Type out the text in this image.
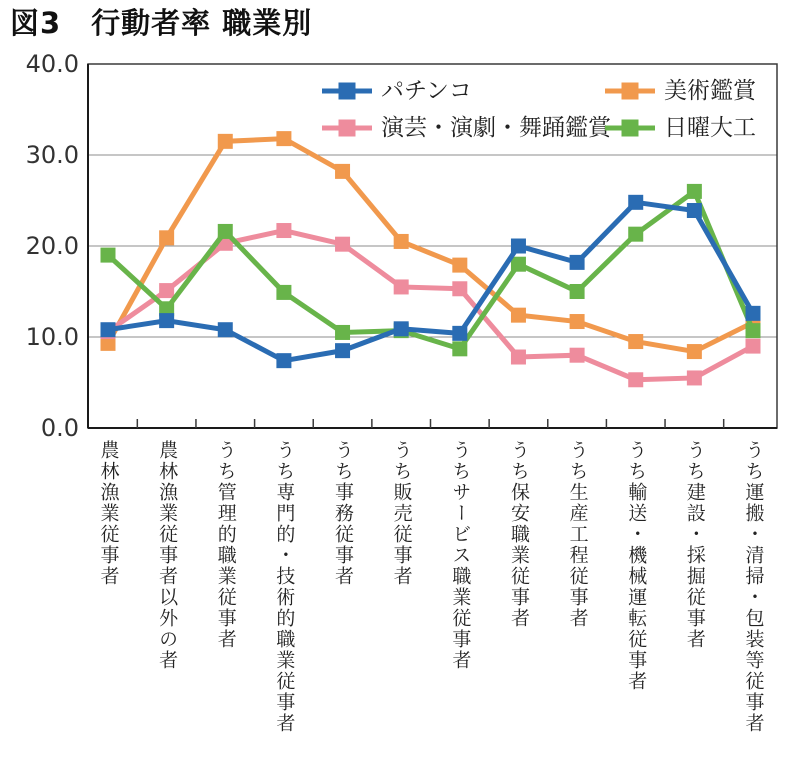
図3　行動者率 職業別
0.0
10.0
20.0
30.0
40.0
パチンコ	美術鑑賞
演芸・演劇・舞踊鑑賞 日曜大工
農林漁業従事者 農林漁業従事者以外の者 うち管理的職業従事者 うち専門的・技術的職業従事者 うち事務従事者 うち販売従事者 うちサービス職業従事者 うち保安職業従事者 うち生産工程従事者 うち輸送・機械運転従事者 うち建設・採掘従事者 うち運搬・清掃・包装等従事者
